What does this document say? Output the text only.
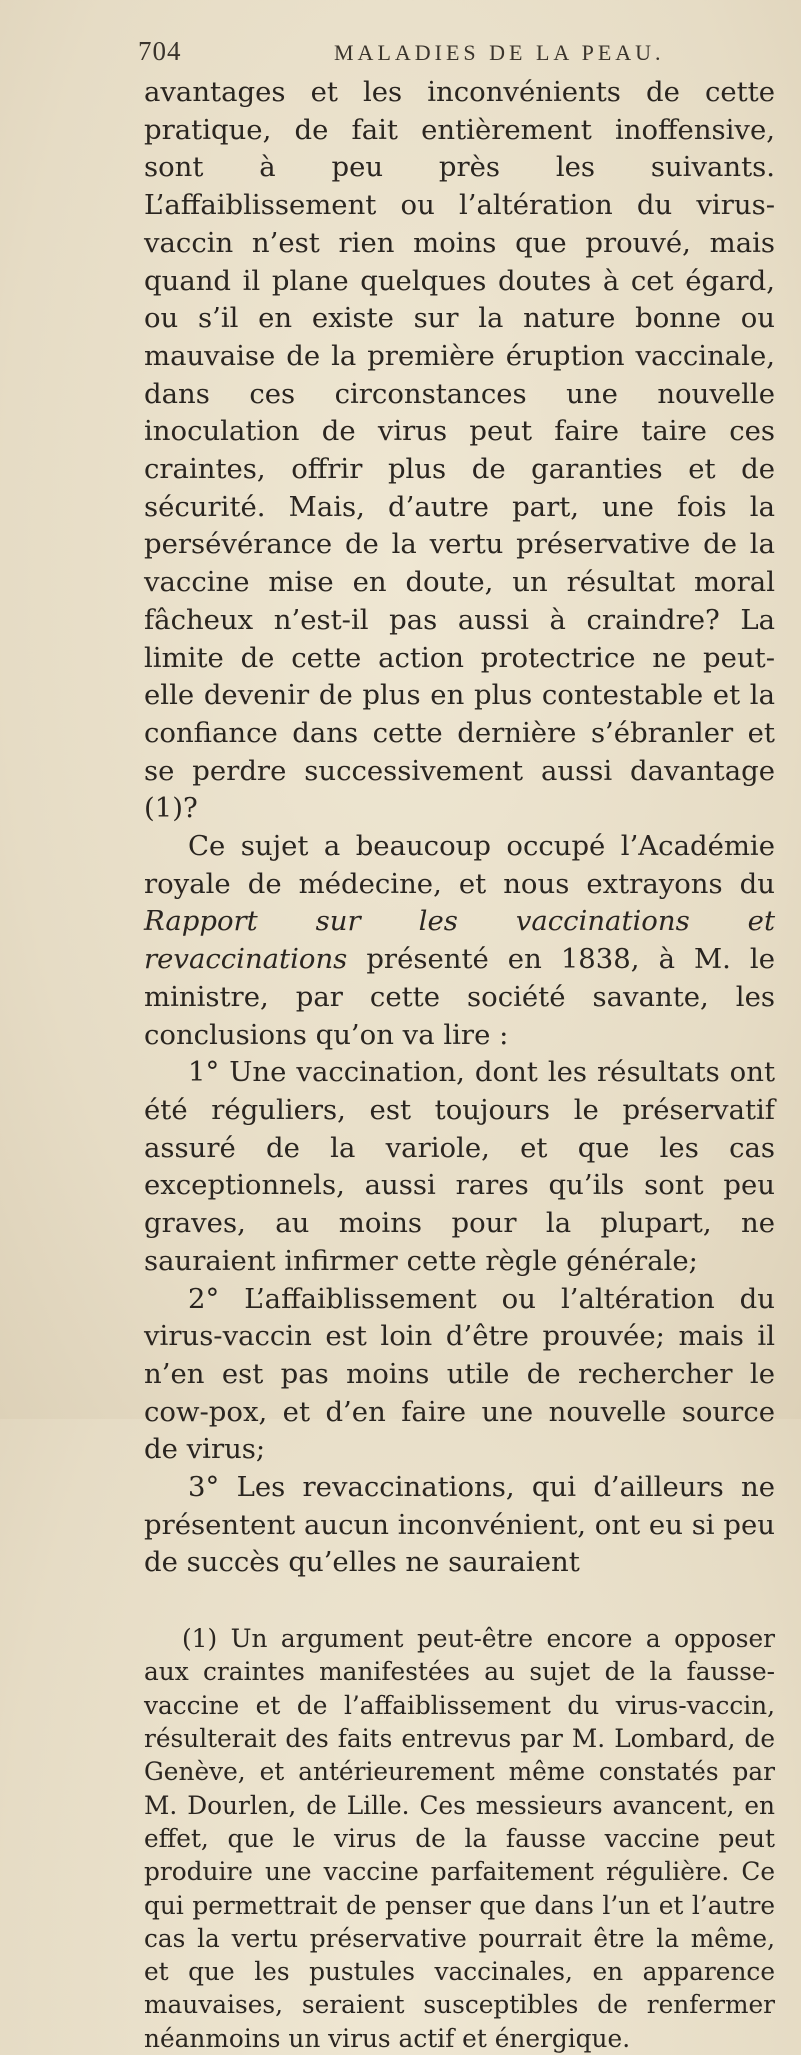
704	MALADIES DE LA PEAU.

avantages et les inconvénients de cette pratique, de fait entièrement inoffensive, sont à peu près les suivants. L’affaiblissement ou l’altération du virus-vaccin n’est rien moins que prouvé, mais quand il plane quelques doutes à cet égard, ou s’il en existe sur la nature bonne ou mauvaise de la première éruption vaccinale, dans ces circonstances une nouvelle inoculation de virus peut faire taire ces craintes, offrir plus de garanties et de sécurité. Mais, d’autre part, une fois la persévérance de la vertu préservative de la vaccine mise en doute, un résultat moral fâcheux n’est-il pas aussi à craindre? La limite de cette action protectrice ne peut-elle devenir de plus en plus contestable et la confiance dans cette dernière s’ébranler et se perdre successivement aussi davantage (1)?

Ce sujet a beaucoup occupé l’Académie royale de médecine, et nous extrayons du Rapport sur les vaccinations et revaccinations présenté en 1838, à M. le ministre, par cette société savante, les conclusions qu’on va lire :

1° Une vaccination, dont les résultats ont été réguliers, est toujours le préservatif assuré de la variole, et que les cas exceptionnels, aussi rares qu’ils sont peu graves, au moins pour la plupart, ne sauraient infirmer cette règle générale;

2° L’affaiblissement ou l’altération du virus-vaccin est loin d’être prouvée; mais il n’en est pas moins utile de rechercher le cow-pox, et d’en faire une nouvelle source de virus;

3° Les revaccinations, qui d’ailleurs ne présentent aucun inconvénient, ont eu si peu de succès qu’elles ne sauraient

(1) Un argument peut-être encore a opposer aux craintes manifestées au sujet de la fausse-vaccine et de l’affaiblissement du virus-vaccin, résulterait des faits entrevus par M. Lombard, de Genève, et antérieurement même constatés par M. Dourlen, de Lille. Ces messieurs avancent, en effet, que le virus de la fausse vaccine peut produire une vaccine parfaitement régulière. Ce qui permettrait de penser que dans l’un et l’autre cas la vertu préservative pourrait être la même, et que les pustules vaccinales, en apparence mauvaises, seraient susceptibles de renfermer néanmoins un virus actif et énergique.
